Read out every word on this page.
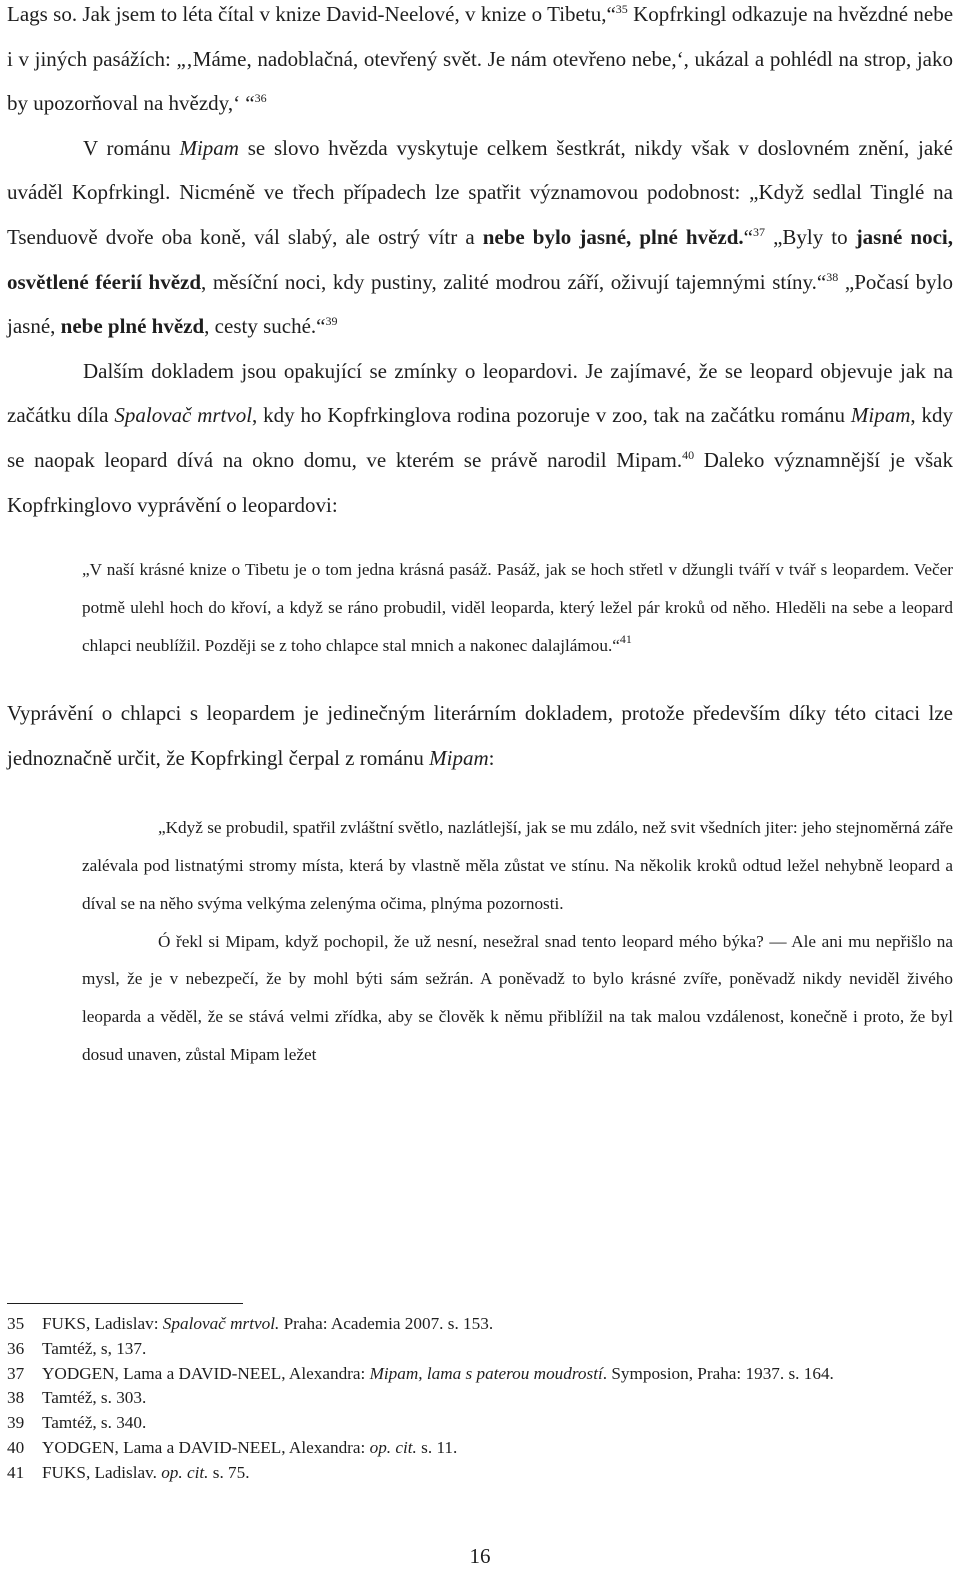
Lags so. Jak jsem to léta čítal v knize David-Neelové, v knize o Tibetu,“$^{35}$ Kopfrkingl odkazuje na hvězdné nebe i v jiných pasážích: „‚Máme, nadoblačná, otevřený svět. Je nám otevřeno nebe,‘, ukázal a pohlédl na strop, jako by upozorňoval na hvězdy,‘ “$^{36}$

V románu Mipam se slovo hvězda vyskytuje celkem šestkrát, nikdy však v doslovném znění, jaké uváděl Kopfrkingl. Nicméně ve třech případech lze spatřit významovou podobnost: „Když sedlal Tinglé na Tsenduově dvoře oba koně, vál slabý, ale ostrý vítr a nebe bylo jasné, plné hvězd.“$^{37}$ „Byly to jasné noci, osvětlené féerií hvězd, měsíční noci, kdy pustiny, zalité modrou září, oživují tajemnými stíny.“$^{38}$ „Počasí bylo jasné, nebe plné hvězd, cesty suché.“$^{39}$

Dalším dokladem jsou opakující se zmínky o leopardovi. Je zajímavé, že se leopard objevuje jak na začátku díla Spalovač mrtvol, kdy ho Kopfrkinglova rodina pozoruje v zoo, tak na začátku románu Mipam, kdy se naopak leopard dívá na okno domu, ve kterém se právě narodil Mipam.$^{40}$ Daleko významnější je však Kopfrkinglovo vyprávění o leopardovi:

„V naší krásné knize o Tibetu je o tom jedna krásná pasáž. Pasáž, jak se hoch střetl v džungli tváří v tvář s leopardem. Večer potmě ulehl hoch do křoví, a když se ráno probudil, viděl leoparda, který ležel pár kroků od něho. Hleděli na sebe a leopard chlapci neublížil. Později se z toho chlapce stal mnich a nakonec dalajlámou.“$^{41}$

Vyprávění o chlapci s leopardem je jedinečným literárním dokladem, protože především díky této citaci lze jednoznačně určit, že Kopfrkingl čerpal z románu Mipam:

„Když se probudil, spatřil zvláštní světlo, nazlátlejší, jak se mu zdálo, než svit všedních jiter: jeho stejnoměrná záře zalévala pod listnatými stromy místa, která by vlastně měla zůstat ve stínu. Na několik kroků odtud ležel nehybně leopard a díval se na něho svýma velkýma zelenýma očima, plnýma pozornosti.

Ó řekl si Mipam, když pochopil, že už nesní, nesežral snad tento leopard mého býka? — Ale ani mu nepřišlo na mysl, že je v nebezpečí, že by mohl býti sám sežrán. A poněvadž to bylo krásné zvíře, poněvadž nikdy neviděl živého leoparda a věděl, že se stává velmi zřídka, aby se člověk k němu přiblížil na tak malou vzdálenost, konečně i proto, že byl dosud unaven, zůstal Mipam ležet

35	FUKS, Ladislav: Spalovač mrtvol. Praha: Academia 2007. s. 153.
36	Tamtéž, s, 137.
37	YODGEN, Lama a DAVID-NEEL, Alexandra: Mipam, lama s paterou moudrostí. Symposion, Praha: 1937. s. 164.
38	Tamtéž, s. 303.
39	Tamtéž, s. 340.
40	YODGEN, Lama a DAVID-NEEL, Alexandra: op. cit. s. 11.
41	FUKS, Ladislav. op. cit. s. 75.
16
